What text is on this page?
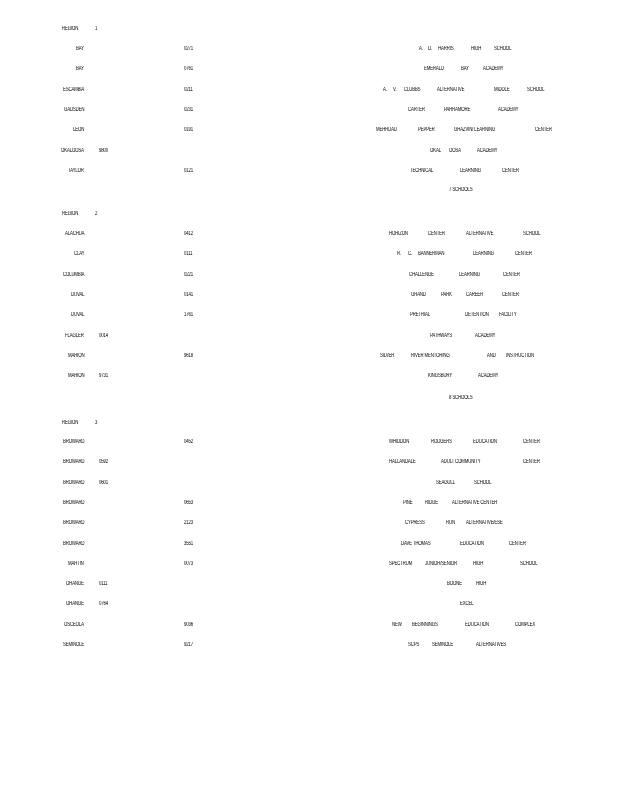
REGION	1
BAY	0271	A. D. HARRIS	HIGH SCHOOL
BAY	0761	EMERALD	BAY ACADEMY
ESCAMBIA	0211	A. V. CLUBBS	ALTERNATIVE	MIDDLE	SCHOOL
GADSDEN	0231	CARTER	PARRAMORE	ACADEMY
LEON	0191	MEHRDAD	PEPPER	GHAZVINI LEARNING	CENTER
OKALOOSA	9800	OKAL OOSA	ACADEMY
TAYLOR	0121	TECHNICAL	LEARNING	CENTER
7 SCHOOLS
REGION	2
ALACHUA	0412	HORIZON	CENTER	ALTERNATIVE	SCHOOL
CLAY	0111	R. C. BANNERMAN	LEARNING	CENTER
COLUMBIA	0221	CHALLENGE	LEARNING	CENTER
DUVAL	0141	GRAND	PARK CAREER	CENTER
DUVAL	1761	PRETRIAL	DETENTION FACILITY
FLAGLER	0014	PATHWAYS	ACADEMY
MARION	9618	SILVER	RIVER MENTORING	AND INSTRUCTION
MARION 9731	KINGSBURY	ACADEMY
8 SCHOOLS
REGION	3
BROWARD	0452	WHIDDON	RODGERS	EDUCATION	CENTER
BROWARD 0592	HALLANDALE	ADULT COMMUNITY	CENTER
BROWARD 0601	SEAGULL	SCHOOL
BROWARD	0653	PINE RIDGE ALTERNATIVE CENTER
BROWARD	2123	CYPRESS	RUN ALTERNATIVE/ESE
BROWARD	3551	DAVE THOMAS	EDUCATION	CENTER
MARTIN	0073	SPECTRUM JUNIOR/SENIOR	HIGH	SCHOOL
ORANGE	0111	BOONE HIGH
ORANGE	0764	EXCEL
OSCEOLA	9036	NEW BEGINNINGS	EDUCATION	COMPLEX
SEMINOLE	9217	SCPS SEMINOLE	ALTERNATIVES
